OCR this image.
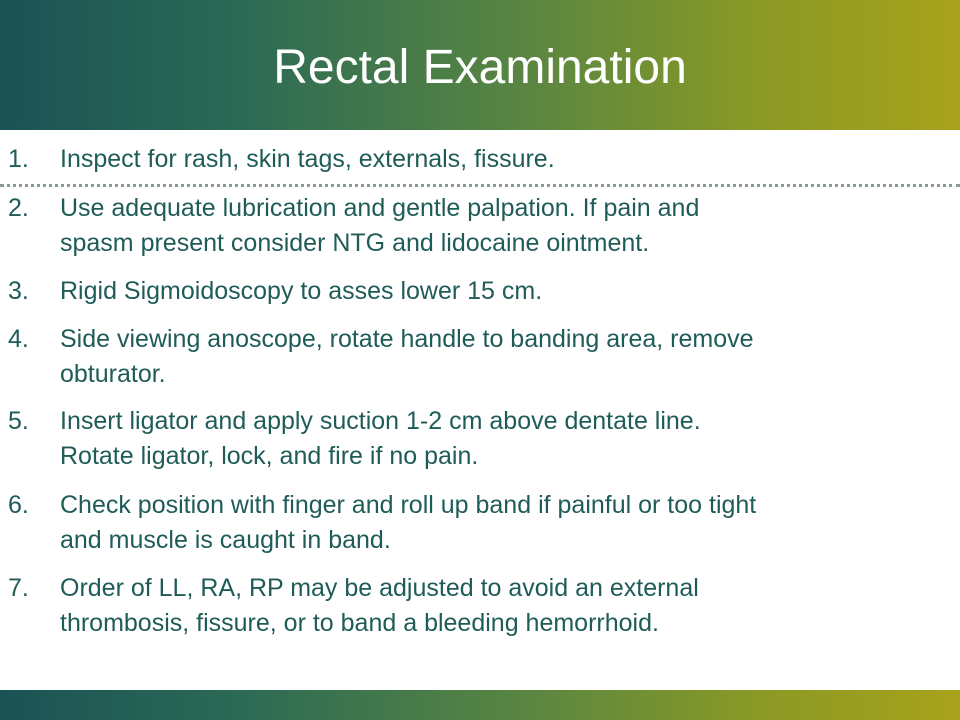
Rectal Examination
1.	Inspect for rash, skin tags, externals, fissure.
2.	Use adequate lubrication and gentle palpation. If pain and
spasm present consider NTG and lidocaine ointment.
3.	Rigid Sigmoidoscopy to asses lower 15 cm.
4.	Side viewing anoscope, rotate handle to banding area, remove
obturator.
5.	Insert ligator and apply suction 1-2 cm above dentate line.
Rotate ligator, lock, and fire if no pain.
6.	Check position with finger and roll up band if painful or too tight
and muscle is caught in band.
7.	Order of LL, RA, RP may be adjusted to avoid an external
thrombosis, fissure, or to band a bleeding hemorrhoid.
